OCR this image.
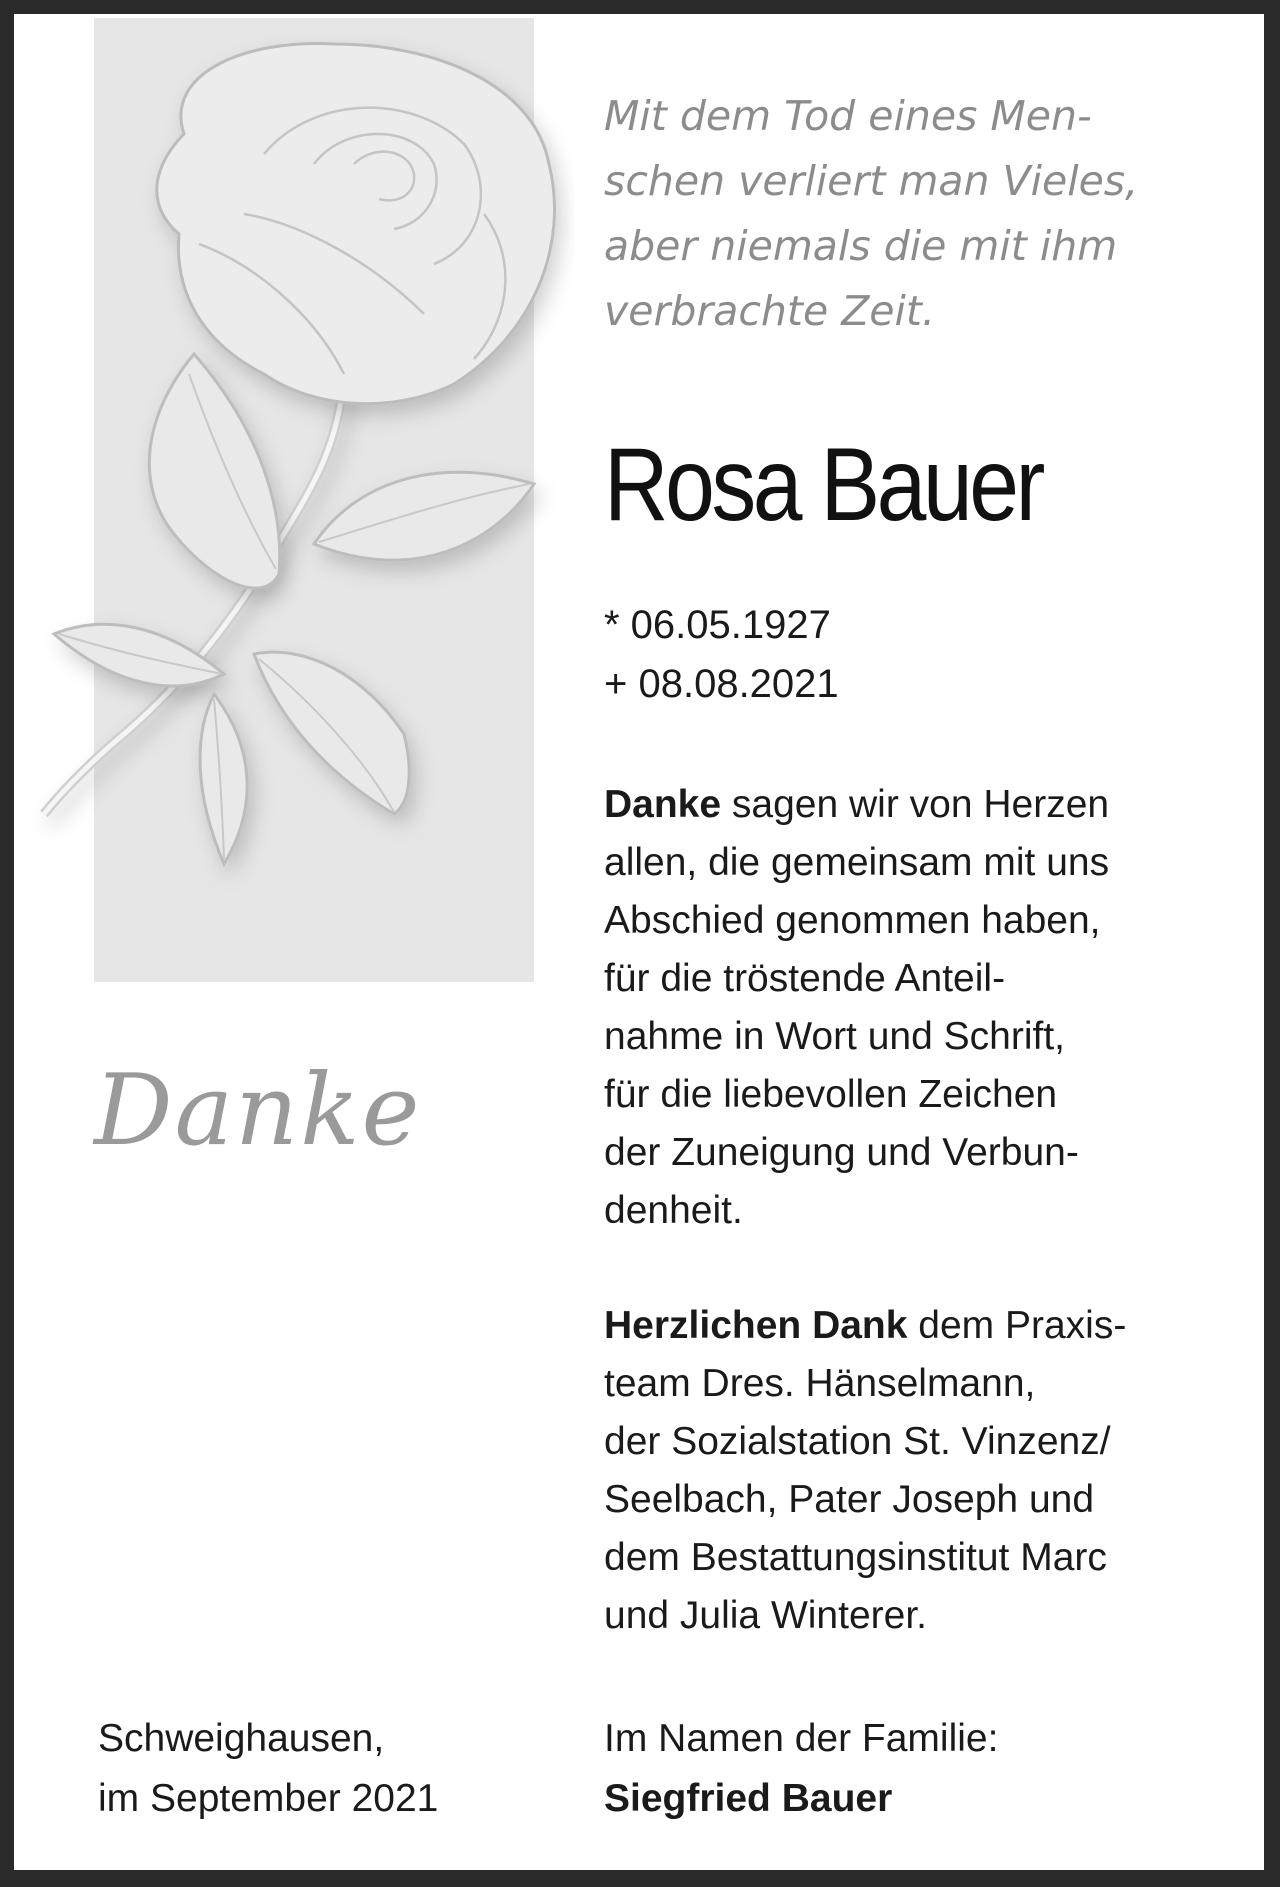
Mit dem Tod eines Men-
schen verliert man Vieles,
aber niemals die mit ihm
verbrachte Zeit.

Rosa Bauer
* 06.05.1927
+ 08.08.2021
Danke sagen wir von Herzen
allen, die gemeinsam mit uns
Abschied genommen haben,
für die tröstende Anteil-
nahme in Wort und Schrift,
für die liebevollen Zeichen
der Zuneigung und Verbun-
denheit.
Herzlichen Dank dem Praxis-
team Dres. Hänselmann,
der Sozialstation St. Vinzenz/
Seelbach, Pater Joseph und
dem Bestattungsinstitut Marc
und Julia Winterer.
Danke
Schweighausen,
im September 2021
Im Namen der Familie:
Siegfried Bauer
